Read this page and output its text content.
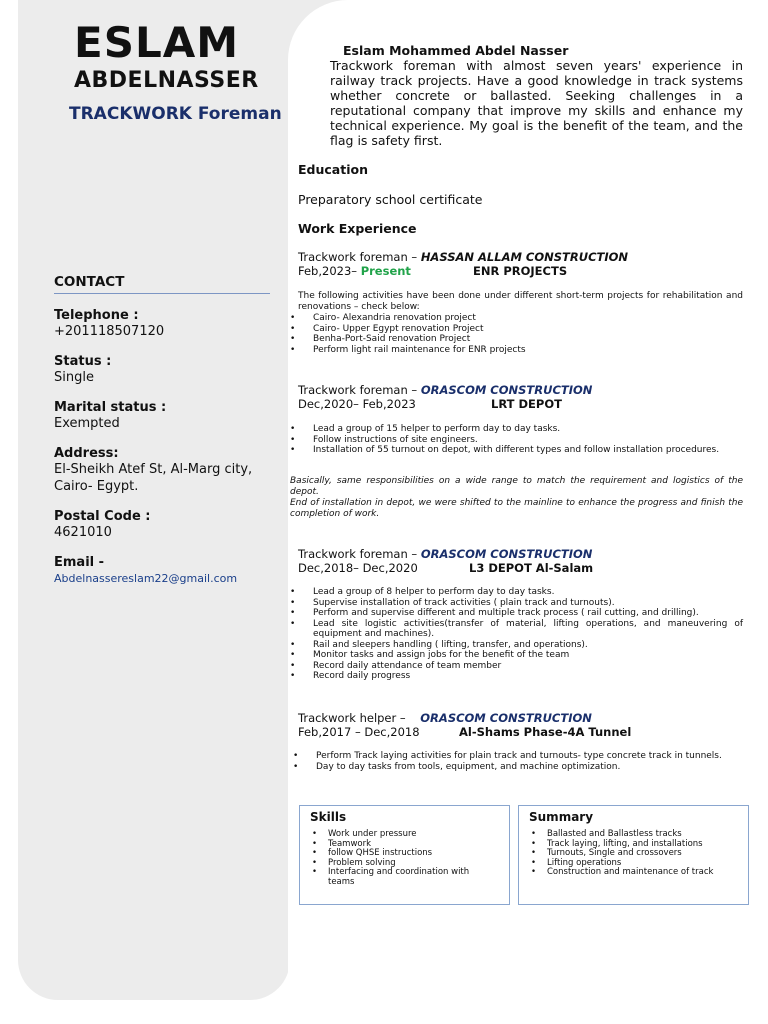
ESLAM
ABDELNASSER
TRACKWORK Foreman
CONTACT
Telephone :
+201118507120
Status :
Single
Marital status :
Exempted
Address:
El-Sheikh Atef St, Al-Marg city,
Cairo- Egypt.
Postal Code :
4621010
Email -
Abdelnassereslam22@gmail.com
Eslam Mohammed Abdel Nasser
Trackwork foreman with almost seven years' experience in railway track projects. Have a good knowledge in track systems whether concrete or ballasted. Seeking challenges in a reputational company that improve my skills and enhance my technical experience. My goal is the benefit of the team, and the flag is safety first.
Education
Preparatory school certificate
Work Experience
Trackwork foreman – HASSAN ALLAM CONSTRUCTION
Feb,2023– Present	ENR PROJECTS
The following activities have been done under different short-term projects for rehabilitation and renovations – check below:
• Cairo- Alexandria renovation project
• Cairo- Upper Egypt renovation Project
• Benha-Port-Said renovation Project
• Perform light rail maintenance for ENR projects
Trackwork foreman – ORASCOM CONSTRUCTION
Dec,2020– Feb,2023	LRT DEPOT
• Lead a group of 15 helper to perform day to day tasks.
• Follow instructions of site engineers.
• Installation of 55 turnout on depot, with different types and follow installation procedures.
Basically, same responsibilities on a wide range to match the requirement and logistics of the depot.
End of installation in depot, we were shifted to the mainline to enhance the progress and finish the completion of work.
Trackwork foreman – ORASCOM CONSTRUCTION
Dec,2018– Dec,2020	L3 DEPOT Al-Salam
• Lead a group of 8 helper to perform day to day tasks.
• Supervise installation of track activities ( plain track and turnouts).
• Perform and supervise different and multiple track process ( rail cutting, and drilling).
• Lead site logistic activities(transfer of material, lifting operations, and maneuvering of equipment and machines).
• Rail and sleepers handling ( lifting, transfer, and operations).
• Monitor tasks and assign jobs for the benefit of the team
• Record daily attendance of team member
• Record daily progress
Trackwork helper –    ORASCOM CONSTRUCTION
Feb,2017 – Dec,2018	Al-Shams Phase-4A Tunnel
• Perform Track laying activities for plain track and turnouts- type concrete track in tunnels.
• Day to day tasks from tools, equipment, and machine optimization.
Skills
• Work under pressure
• Teamwork
• follow QHSE instructions
• Problem solving
• Interfacing and coordination with teams
Summary
• Ballasted and Ballastless tracks
• Track laying, lifting, and installations
• Turnouts, Single and crossovers
• Lifting operations
• Construction and maintenance of track
